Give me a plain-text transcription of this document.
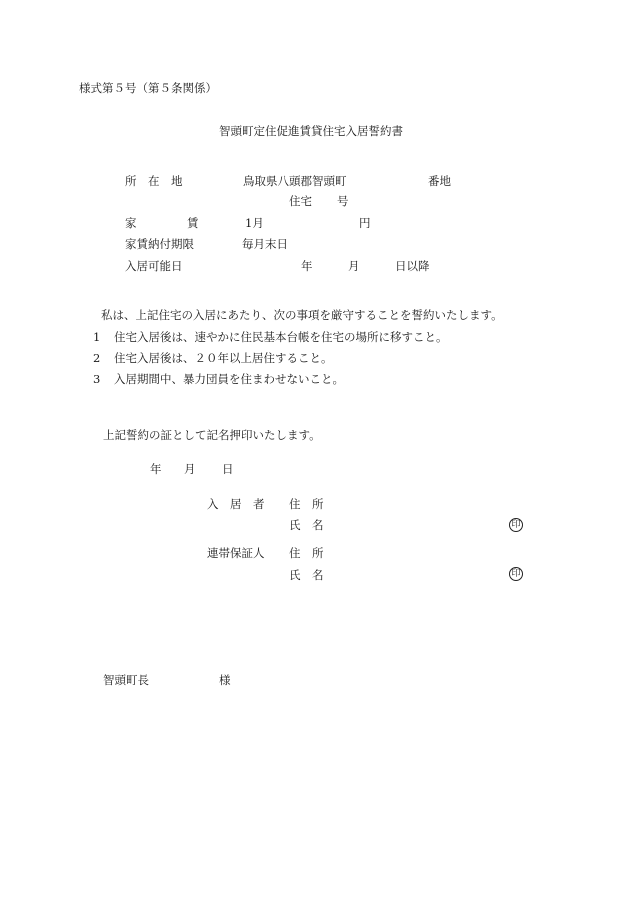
様式第５号（第５条関係）
智頭町定住促進賃貸住宅入居誓約書
所　在　地	鳥取県八頭郡智頭町	番地
住宅 号
家	賃	1月	円
家賃納付期限	毎月末日
入居可能日	年	月	日以降
私は、上記住宅の入居にあたり、次の事項を厳守することを誓約いたします。
1 住宅入居後は、速やかに住民基本台帳を住宅の場所に移すこと。
2 住宅入居後は、２０年以上居住すること。
3 入居期間中、暴力団員を住まわせないこと。
上記誓約の証として記名押印いたします。
年 月 日
入　居　者 住　所
氏　名	印
連帯保証人 住　所
氏　名	印
智頭町長	様
